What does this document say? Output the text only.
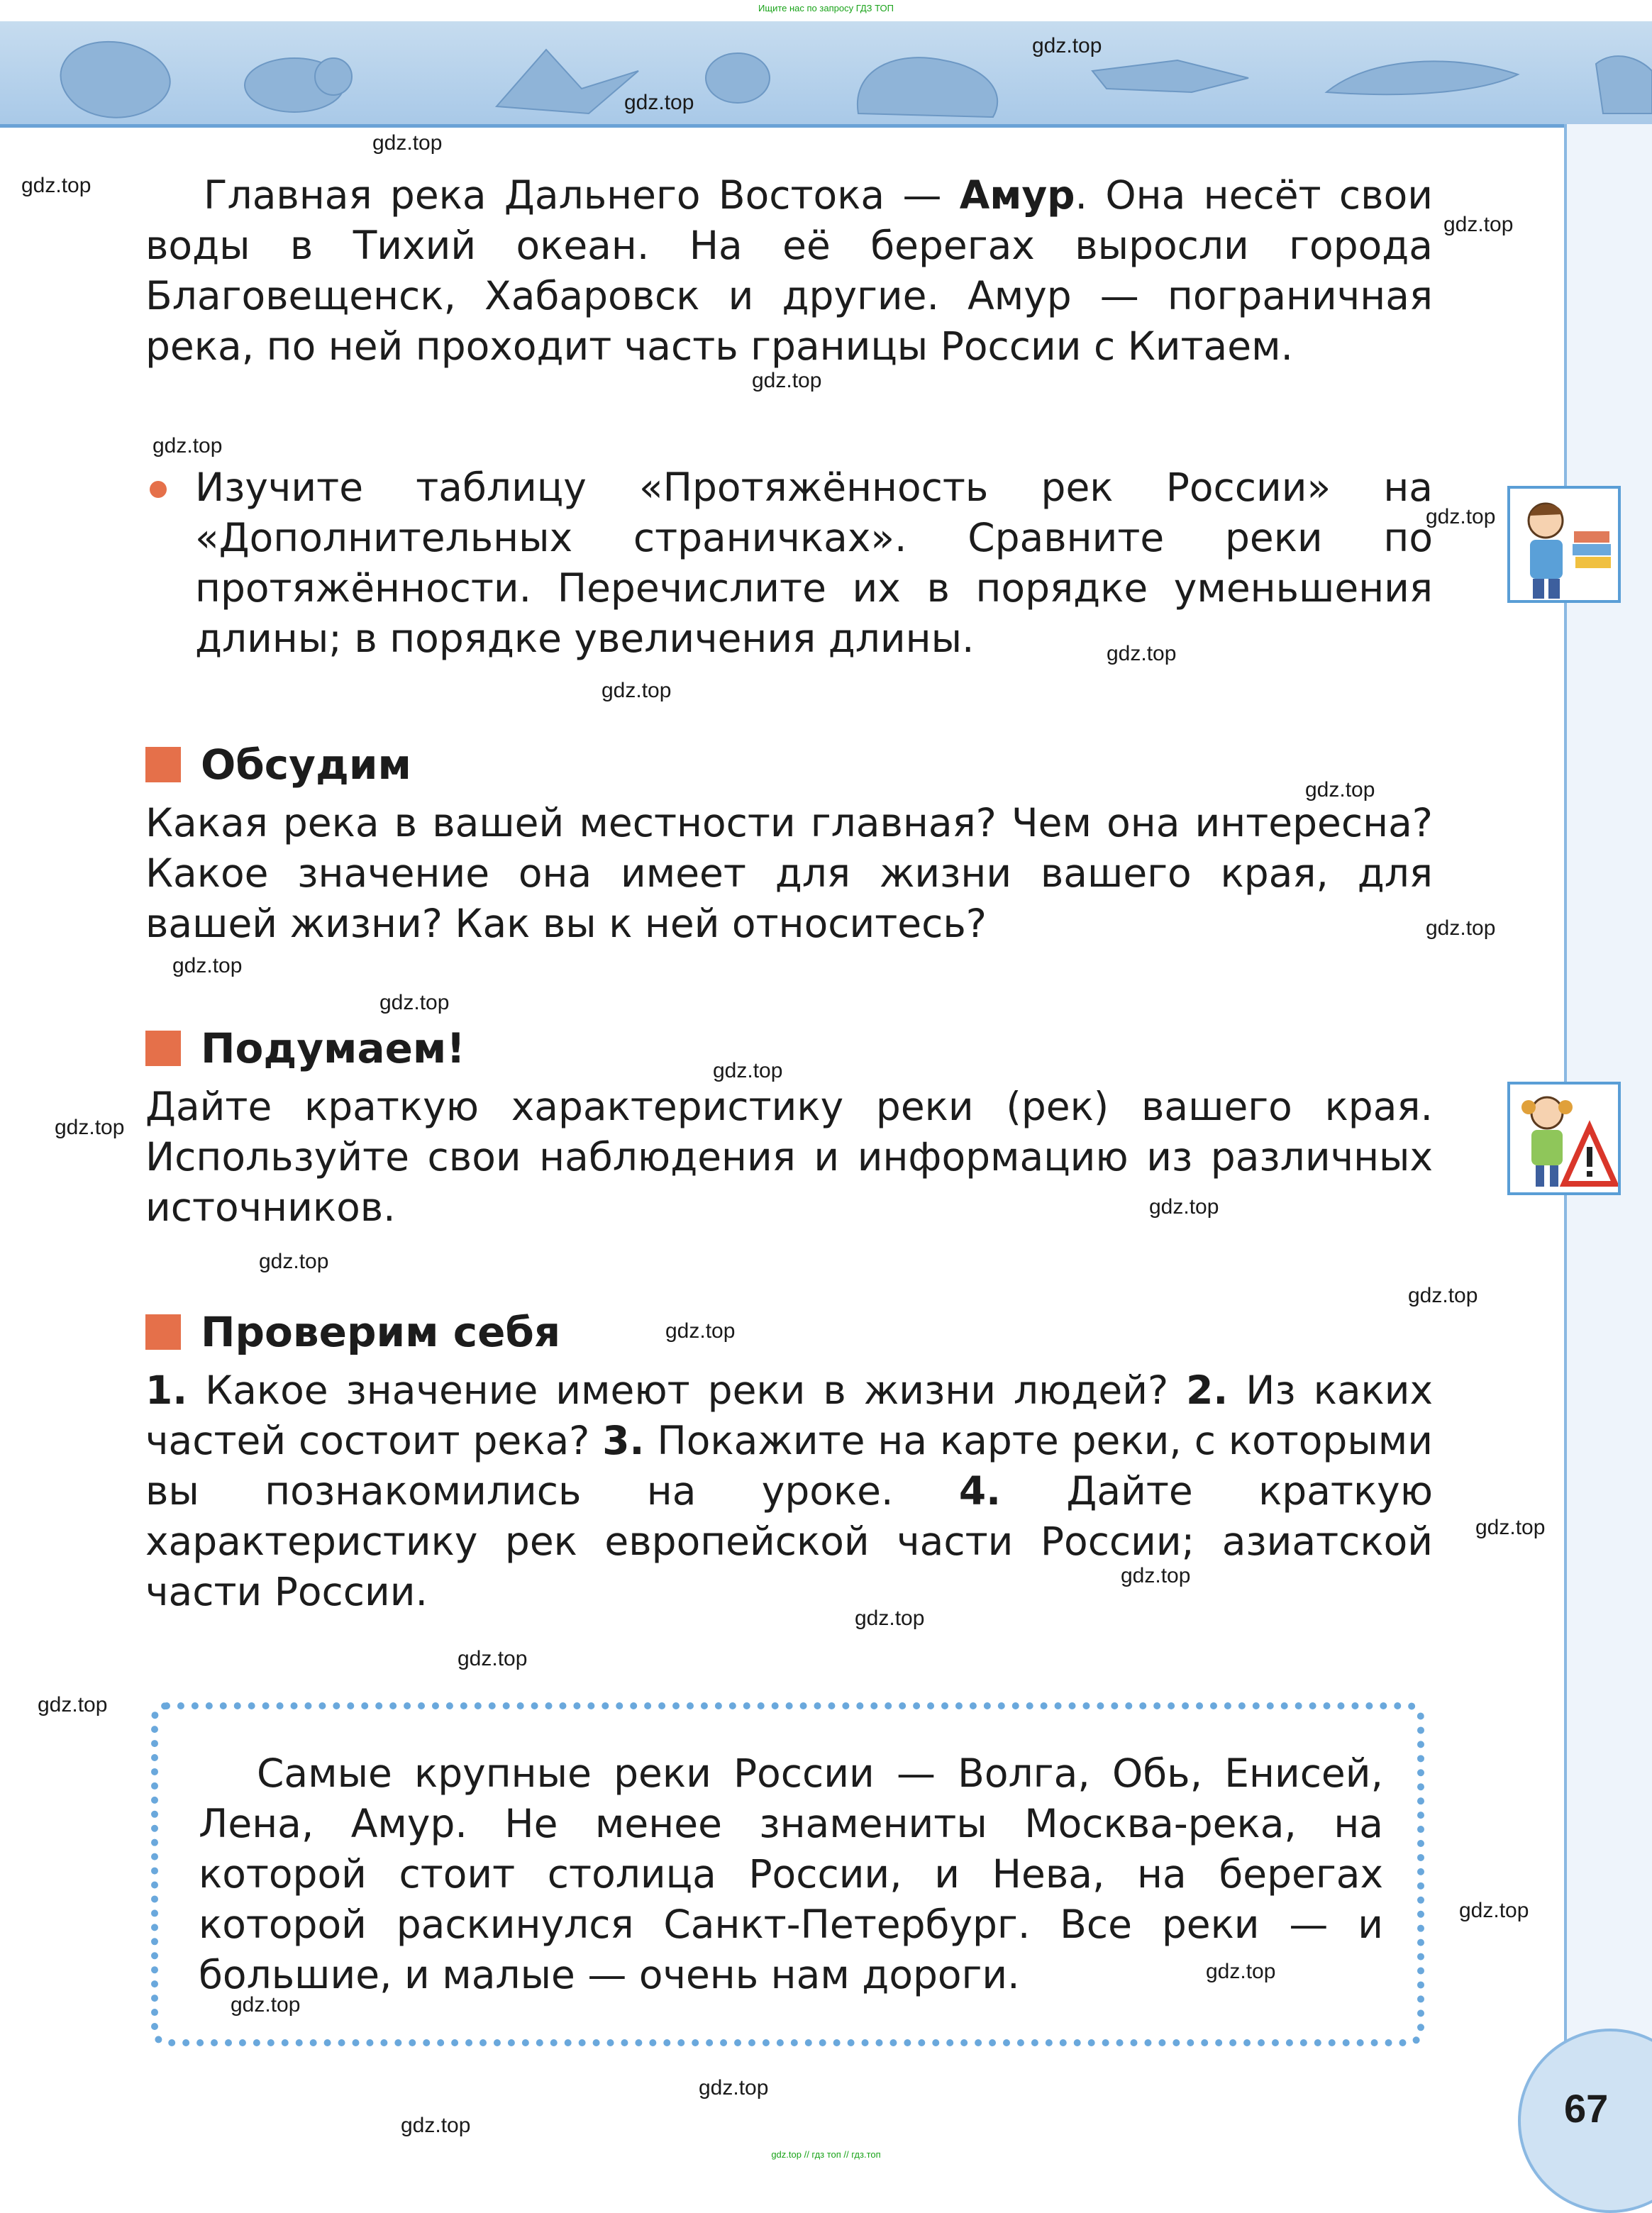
Ищите нас по запросу ГДЗ ТОП

Главная река Дальнего Востока — Амур. Она несёт свои воды в Тихий океан. На её берегах выросли города Благовещенск, Хабаровск и другие. Амур — пограничная река, по ней проходит часть границы России с Китаем.

Изучите таблицу «Протяжённость рек России» на «Дополнительных страничках». Сравните реки по протяжённости. Перечислите их в порядке уменьшения длины; в порядке увеличения длины.

Обсудим

Какая река в вашей местности главная? Чем она интересна? Какое значение она имеет для жизни вашего края, для вашей жизни? Как вы к ней относитесь?

Подумаем!

Дайте краткую характеристику реки (рек) вашего края. Используйте свои наблюдения и информацию из различных источников.

Проверим себя

1. Какое значение имеют реки в жизни людей? 2. Из каких частей состоит река? 3. Покажите на карте реки, с которыми вы познакомились на уроке. 4. Дайте краткую характеристику рек европейской части России; азиатской части России.

Самые крупные реки России — Волга, Обь, Енисей, Лена, Амур. Не менее знамениты Москва-река, на которой стоит столица России, и Нева, на берегах которой раскинулся Санкт-Петербург. Все реки — и большие, и малые — очень нам дороги.

67
gdz.top
gdz.top
gdz.top
gdz.top
gdz.top
gdz.top
gdz.top
gdz.top
gdz.top
gdz.top
gdz.top
gdz.top
gdz.top
gdz.top
gdz.top
gdz.top
gdz.top
gdz.top
gdz.top
gdz.top
gdz.top
gdz.top
gdz.top
gdz.top
gdz.top
gdz.top
gdz.top
gdz.top
gdz.top
gdz.top
gdz.top // гдз топ // гдз.топ
